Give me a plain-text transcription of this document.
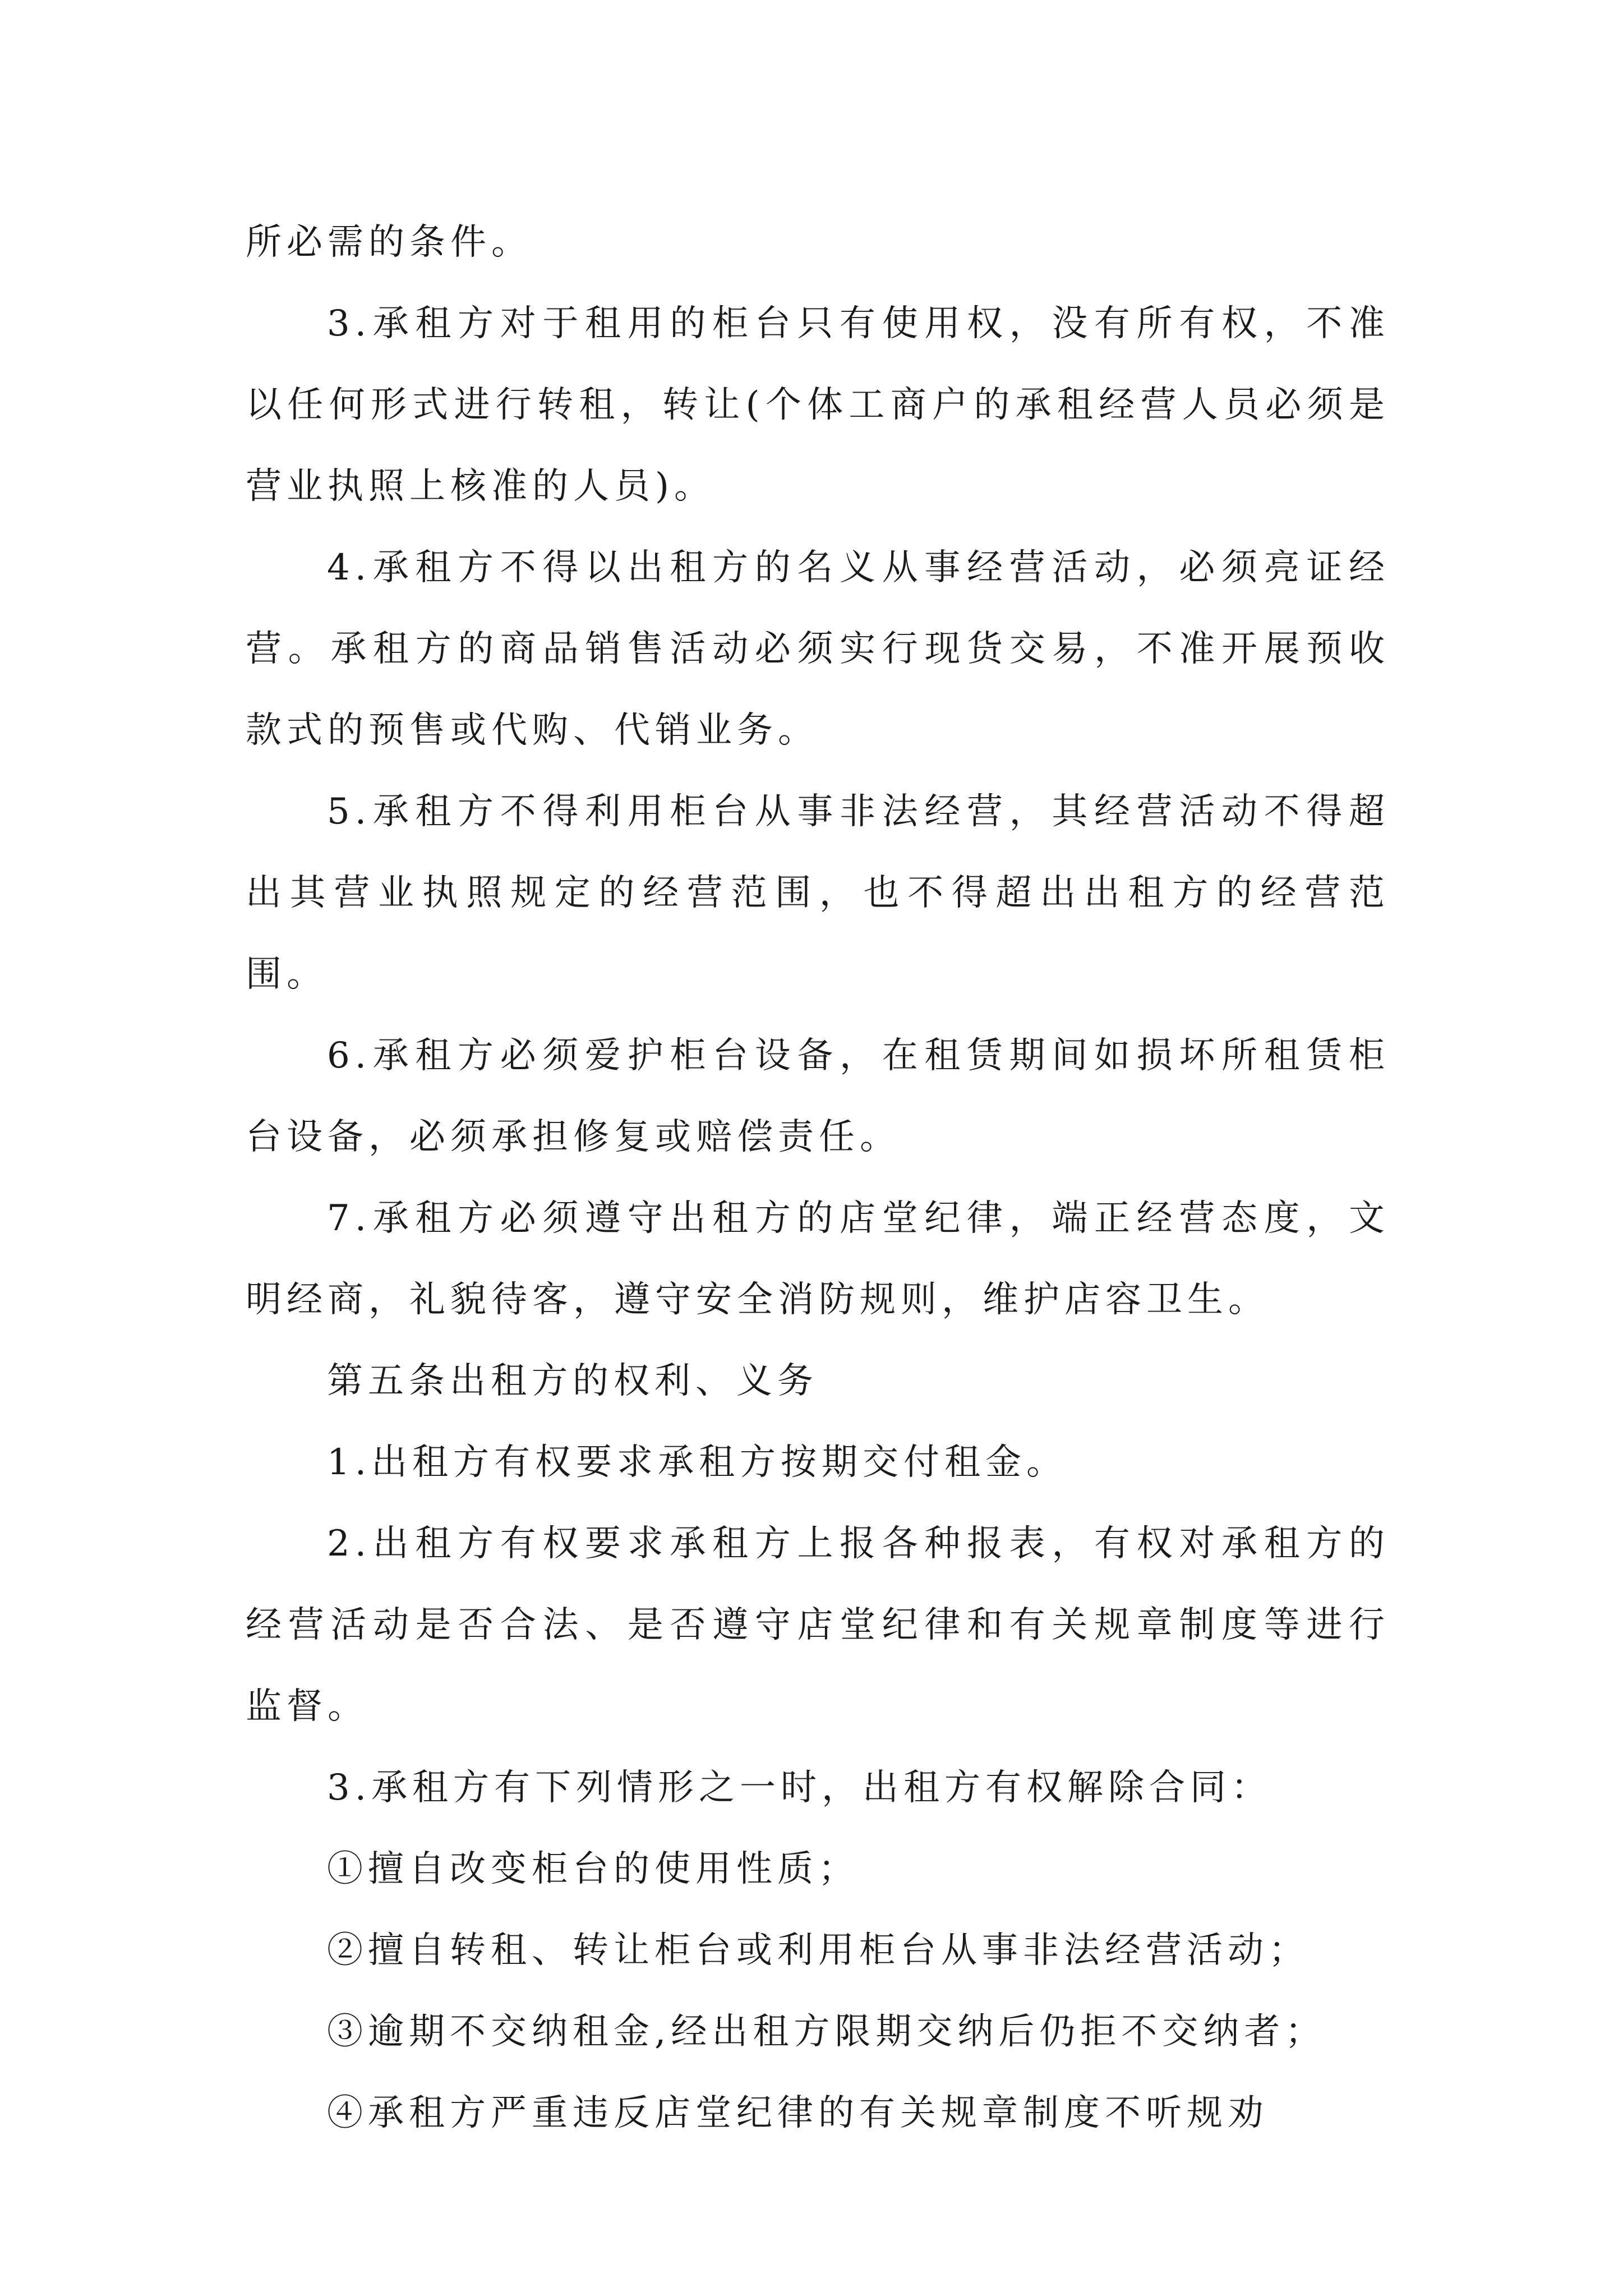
所必需的条件。

3.承租方对于租用的柜台只有使用权，没有所有权，不准以任何形式进行转租，转让(个体工商户的承租经营人员必须是营业执照上核准的人员)。

4.承租方不得以出租方的名义从事经营活动，必须亮证经营。承租方的商品销售活动必须实行现货交易，不准开展预收款式的预售或代购、代销业务。

5.承租方不得利用柜台从事非法经营，其经营活动不得超出其营业执照规定的经营范围，也不得超出出租方的经营范围。

6.承租方必须爱护柜台设备，在租赁期间如损坏所租赁柜台设备，必须承担修复或赔偿责任。

7.承租方必须遵守出租方的店堂纪律，端正经营态度，文明经商，礼貌待客，遵守安全消防规则，维护店容卫生。

第五条出租方的权利、义务

1.出租方有权要求承租方按期交付租金。

2.出租方有权要求承租方上报各种报表，有权对承租方的经营活动是否合法、是否遵守店堂纪律和有关规章制度等进行监督。

3.承租方有下列情形之一时，出租方有权解除合同：

①擅自改变柜台的使用性质；

②擅自转租、转让柜台或利用柜台从事非法经营活动；

③逾期不交纳租金,经出租方限期交纳后仍拒不交纳者；

④承租方严重违反店堂纪律的有关规章制度不听规劝
